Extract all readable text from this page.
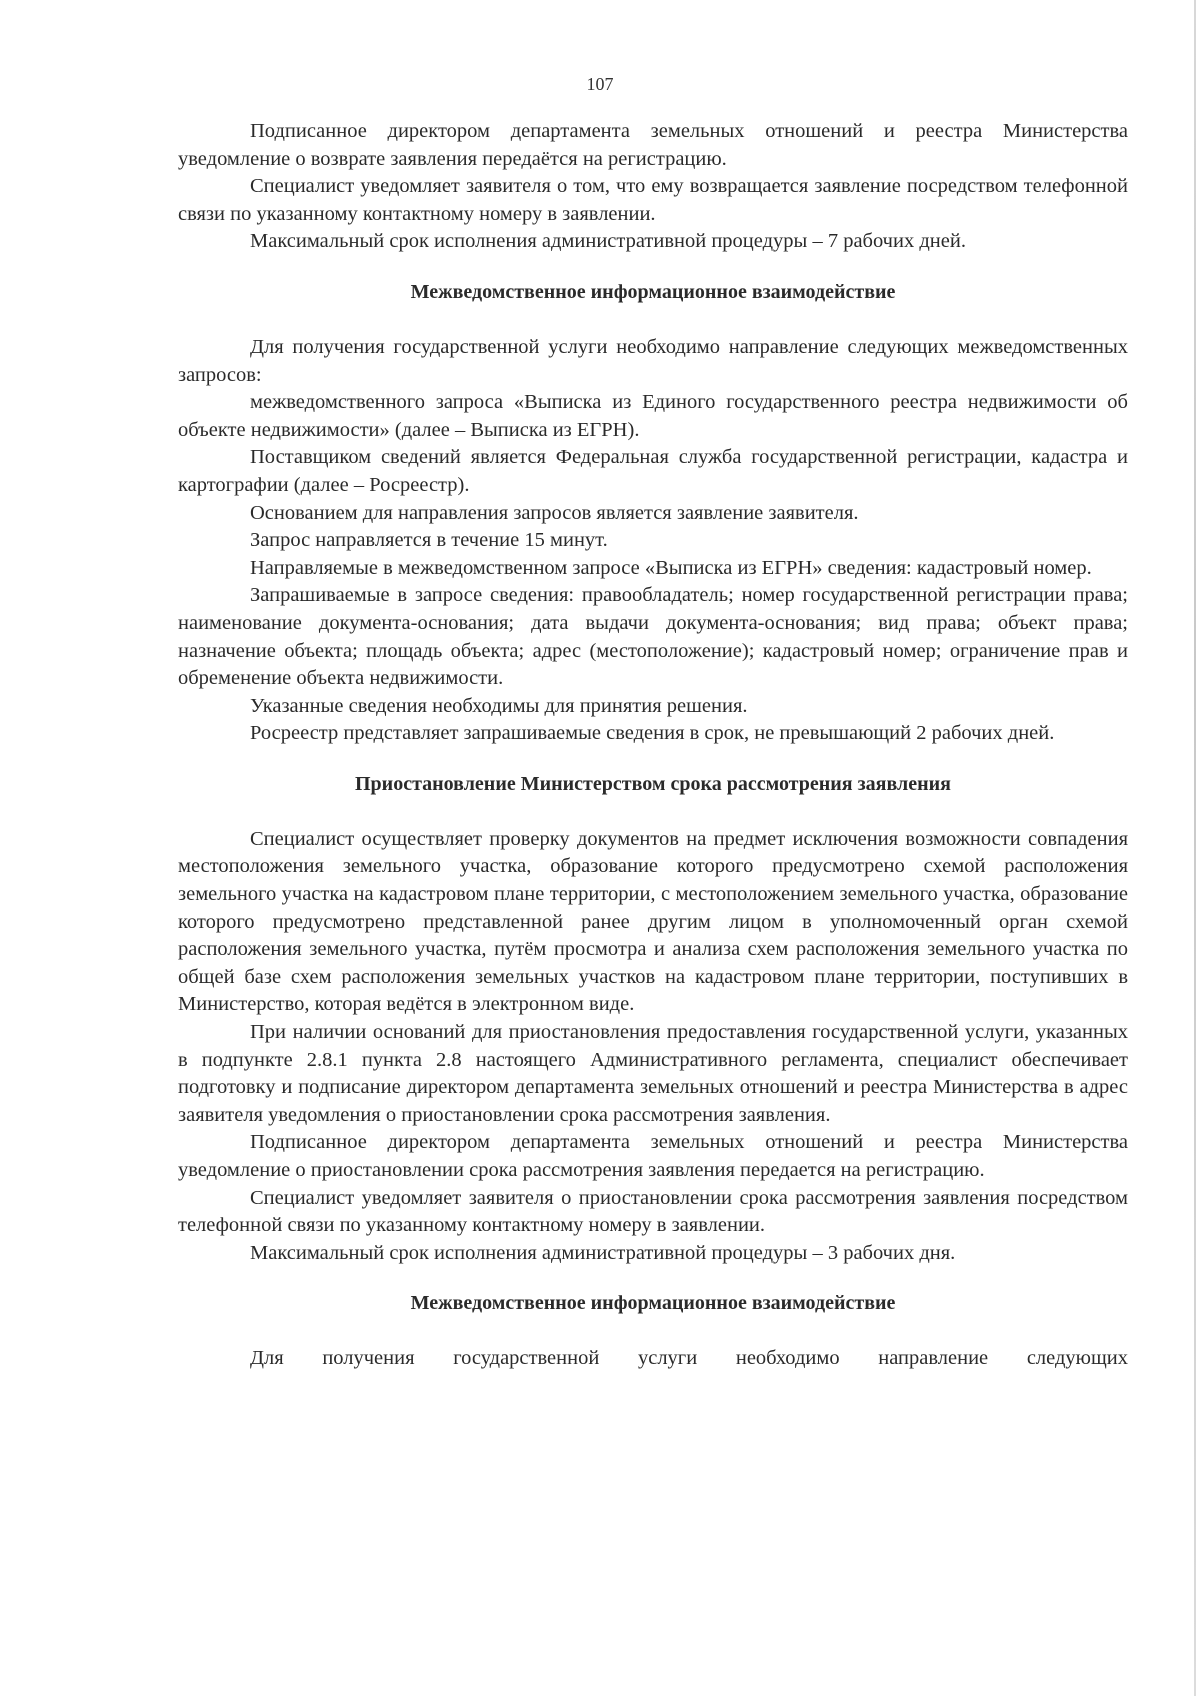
107

Подписанное директором департамента земельных отношений и реестра Министерства уведомление о возврате заявления передаётся на регистрацию.

Специалист уведомляет заявителя о том, что ему возвращается заявление посредством телефонной связи по указанному контактному номеру в заявлении.

Максимальный срок исполнения административной процедуры – 7 рабочих дней.

Межведомственное информационное взаимодействие

Для получения государственной услуги необходимо направление следующих межведомственных запросов:

межведомственного запроса «Выписка из Единого государственного реестра недвижимости об объекте недвижимости» (далее – Выписка из ЕГРН).

Поставщиком сведений является Федеральная служба государственной регистрации, кадастра и картографии (далее – Росреестр).

Основанием для направления запросов является заявление заявителя.

Запрос направляется в течение 15 минут.

Направляемые в межведомственном запросе «Выписка из ЕГРН» сведения: кадастровый номер.

Запрашиваемые в запросе сведения: правообладатель; номер государственной регистрации права; наименование документа-основания; дата выдачи документа-основания; вид права; объект права; назначение объекта; площадь объекта; адрес (местоположение); кадастровый номер; ограничение прав и обременение объекта недвижимости.

Указанные сведения необходимы для принятия решения.

Росреестр представляет запрашиваемые сведения в срок, не превышающий 2 рабочих дней.

Приостановление Министерством срока рассмотрения заявления

Специалист осуществляет проверку документов на предмет исключения возможности совпадения местоположения земельного участка, образование которого предусмотрено схемой расположения земельного участка на кадастровом плане территории, с местоположением земельного участка, образование которого предусмотрено представленной ранее другим лицом в уполномоченный орган схемой расположения земельного участка, путём просмотра и анализа схем расположения земельного участка по общей базе схем расположения земельных участков на кадастровом плане территории, поступивших в Министерство, которая ведётся в электронном виде.

При наличии оснований для приостановления предоставления государственной услуги, указанных в подпункте 2.8.1 пункта 2.8 настоящего Административного регламента, специалист обеспечивает подготовку и подписание директором департамента земельных отношений и реестра Министерства в адрес заявителя уведомления о приостановлении срока рассмотрения заявления.

Подписанное директором департамента земельных отношений и реестра Министерства уведомление о приостановлении срока рассмотрения заявления передается на регистрацию.

Специалист уведомляет заявителя о приостановлении срока рассмотрения заявления посредством телефонной связи по указанному контактному номеру в заявлении.

Максимальный срок исполнения административной процедуры – 3 рабочих дня.

Межведомственное информационное взаимодействие

Для получения государственной услуги необходимо направление следующих
